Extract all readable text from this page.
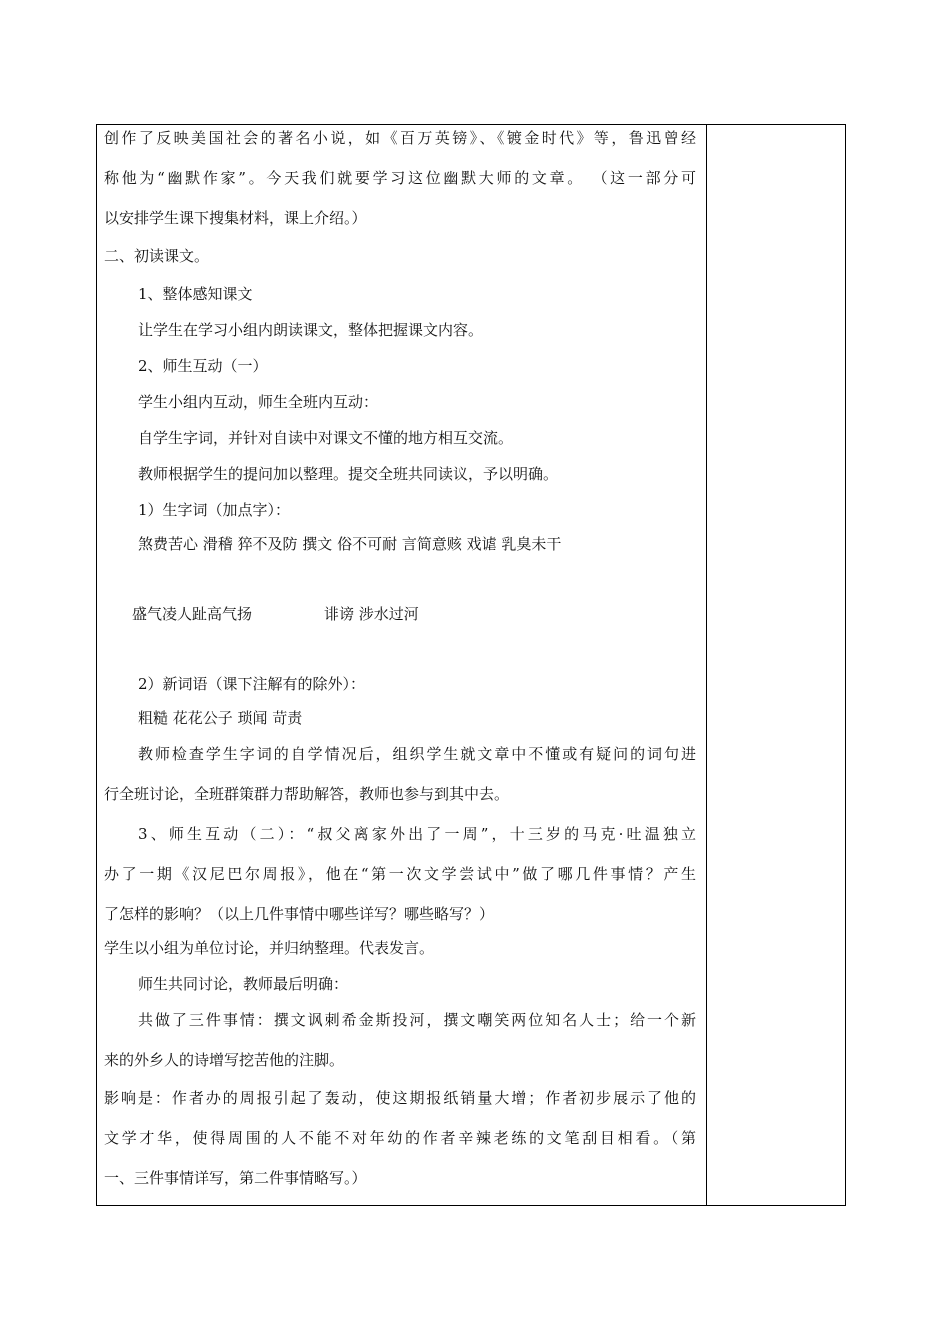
创作了反映美国社会的著名小说，如《百万英镑》、《镀金时代》等，鲁迅曾经
称他为“幽默作家”。今天我们就要学习这位幽默大师的文章。 （这一部分可
以安排学生课下搜集材料，课上介绍。）
二、初读课文。
1、整体感知课文
让学生在学习小组内朗读课文，整体把握课文内容。
2、师生互动（一）
学生小组内互动，师生全班内互动：
自学生字词，并针对自读中对课文不懂的地方相互交流。
教师根据学生的提问加以整理。提交全班共同读议，予以明确。
1）生字词（加点字）：
煞费苦心 滑稽 猝不及防 撰文 俗不可耐 言简意赅 戏谑 乳臭未干
盛气凌人趾高气扬	诽谤 涉水过河
2）新词语（课下注解有的除外）：
粗糙 花花公子 琐闻 苛责
教师检查学生字词的自学情况后，组织学生就文章中不懂或有疑问的词句进
行全班讨论，全班群策群力帮助解答，教师也参与到其中去。
3、师生互动（二）：“叔父离家外出了一周”，十三岁的马克·吐温独立
办了一期《汉尼巴尔周报》，他在“第一次文学尝试中”做了哪几件事情？产生
了怎样的影响？（以上几件事情中哪些详写？哪些略写？）
学生以小组为单位讨论，并归纳整理。代表发言。
师生共同讨论，教师最后明确：
共做了三件事情：撰文讽刺希金斯投河，撰文嘲笑两位知名人士；给一个新
来的外乡人的诗增写挖苦他的注脚。
影响是：作者办的周报引起了轰动，使这期报纸销量大增；作者初步展示了他的
文学才华，使得周围的人不能不对年幼的作者辛辣老练的文笔刮目相看。（第
一、三件事情详写，第二件事情略写。）
